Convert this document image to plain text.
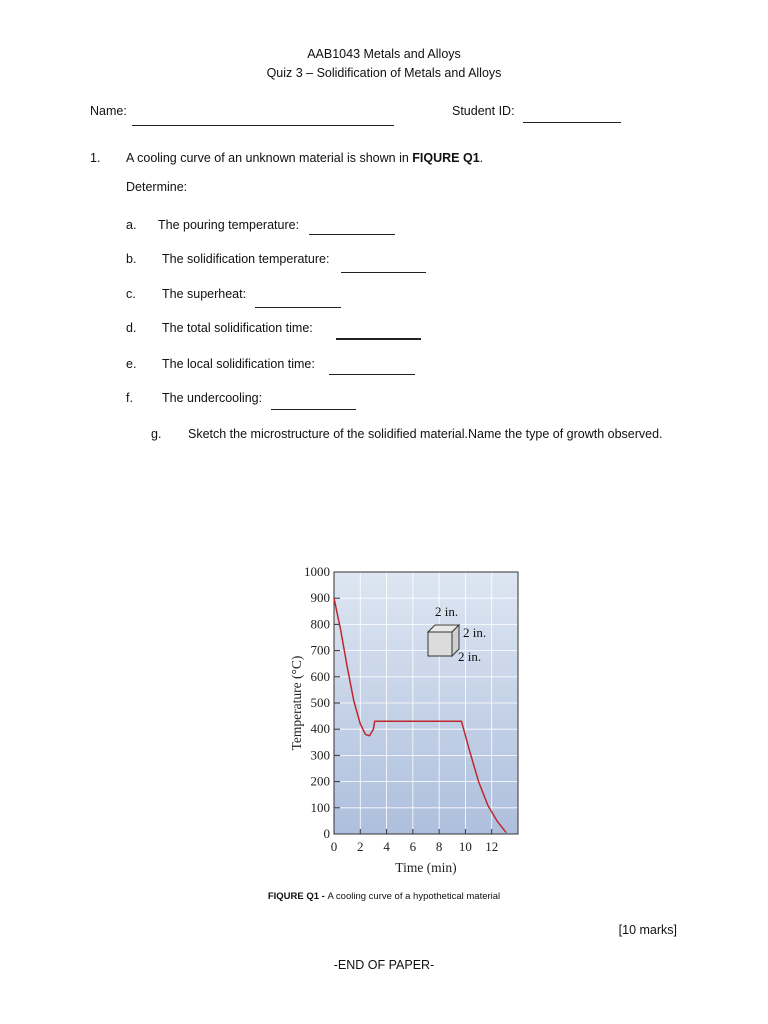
AAB1043 Metals and Alloys
Quiz 3 – Solidification of Metals and Alloys
Name:	Student ID:
1. A cooling curve of an unknown material is shown in FIQURE Q1.
Determine:
a. The pouring temperature:
b. The solidification temperature:
c. The superheat:
d. The total solidification time:
e. The local solidification time:
f. The undercooling:
g. Sketch the microstructure of the solidified material.Name the type of growth observed.
0
100
200
300
400
500
600
700
800
900
1000
0 2 4 6 8 10 12
Time (min)
Temperature (°C)
2 in.
2 in.
2 in.
FIQURE Q1 - A cooling curve of a hypothetical material
[10 marks]
-END OF PAPER-
